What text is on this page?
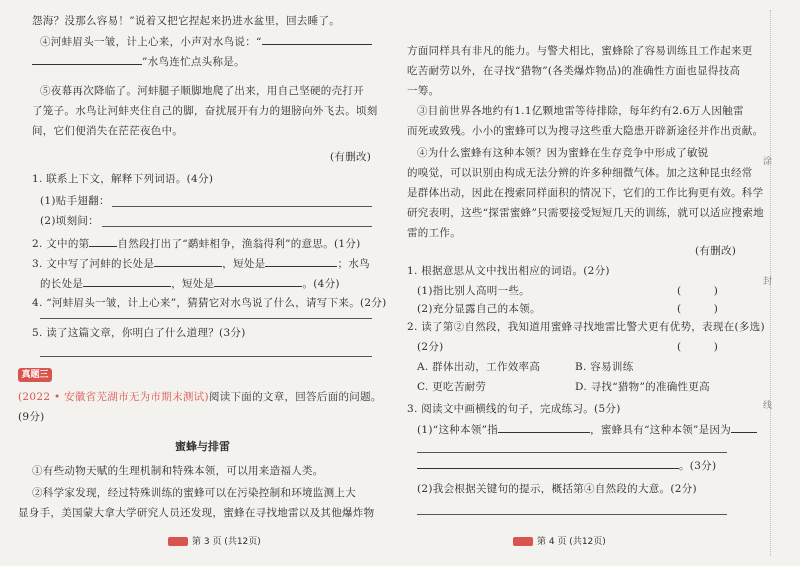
怨海？没那么容易！”说着又把它捏起来扔进水盆里，回去睡了。
④河蚌眉头一皱，计上心来，小声对水鸟说：“
”水鸟连忙点头称是。
⑤夜幕再次降临了。河蚌腿子顺脚地爬了出来，用自己坚硬的壳打开
了笼子。水鸟让河蚌夹住自己的脚，奋扰展开有力的翅膀向外飞去。顷刻
间，它们便消失在茫茫夜色中。
(有删改)
1. 联系上下文，解释下列词语。(4分)
(1)贴手翅翻：
(2)顷刻间：
2. 文中的第	自然段打出了“鹬蚌相争，渔翁得利”的意思。(1分)
3. 文中写了河蚌的长处是	，短处是	；水鸟
的长处是	，短处是	。(4分)
4. “河蚌眉头一皱，计上心来”，猜猜它对水鸟说了什么，请写下来。(2分)
5. 读了这篇文章，你明白了什么道理？(3分)
真题三
(2022 • 安徽省芜湖市无为市期末测试)阅读下面的文章，回答后面的问题。
(9分)
蜜蜂与排雷
①有些动物天赋的生理机制和特殊本领，可以用来造福人类。
②科学家发现，经过特殊训练的蜜蜂可以在污染控制和环境监测上大
显身手，美国蒙大拿大学研究人员还发现，蜜蜂在寻找地雷以及其他爆炸物
第 3 页 (共12页)
方面同样具有非凡的能力。与警犬相比，蜜蜂除了容易训练且工作起来更
吃苦耐劳以外，在寻找“猎物”(各类爆炸物品)的准确性方面也显得技高
一筹。
③目前世界各地约有1.1亿颗地雷等待排除，每年约有2.6万人因触雷
而死或致残。小小的蜜蜂可以为搜寻这些重大隐患开辟新途径并作出贡献。
④为什么蜜蜂有这种本领？因为蜜蜂在生存竞争中形成了敏锐
的嗅觉，可以识别由构成无法分辨的许多种细微气体。加之这种昆虫经常
是群体出动，因此在搜索同样面积的情况下，它们的工作比狗更有效。科学
研究表明，这些“探雷蜜蜂”只需要接受短短几天的训练，就可以适应搜索地
雷的工作。
(有删改)
1. 根据意思从文中找出相应的词语。(2分)
(1)指比别人高明一些。	(　　　)
(2)充分显露自己的本领。	(　　　)
2. 读了第②自然段，我知道用蜜蜂寻找地雷比警犬更有优势，表现在(多选)
(2分)	(　　　)
A. 群体出动，工作效率高	B. 容易训练
C. 更吃苦耐劳	D. 寻找“猎物”的准确性更高
3. 阅读文中画横线的句子，完成练习。(5分)
(1)“这种本领”指	，蜜蜂具有“这种本领”是因为
。(3分)
(2)我会根据关键句的提示，概括第④自然段的大意。(2分)
第 4 页 (共12页)
涂
封
线
